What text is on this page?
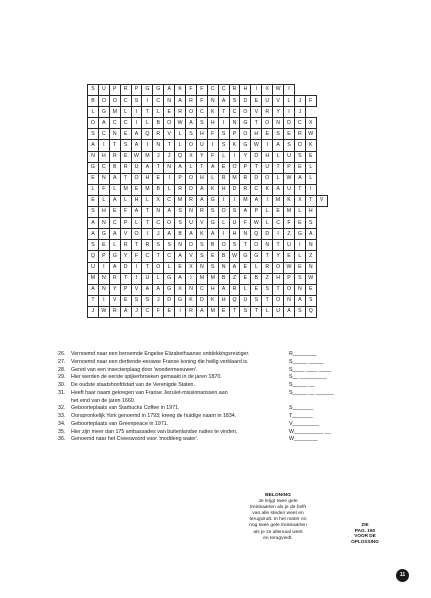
S	U	P	R	P	G	G	A	K	F	F	C	C	R	H	I	X	W	I			
B	O	O	C	S	I	C	N	A	R	F	N	A	S	D	E	U	V	L	J	F	
L	G	M	L	I	T	L	E	R	O	C	K	T	C	O	V	R	Y	I	J		
O	A	C	C	I	L	B	O	W	A	S	H	I	N	G	T	O	N	D	C	X	
S	C	N	E	A	Q	R	V	L	S	H	F	S	P	O	H	E	S	E	R	W	
A	I	T	S	A	I	N	T	L	O	U	I	S	K	G	W	I	A	S	D	K	
N	H	R	E	W	M	J	J	Q	X	Y	F	L	I	Y	D	H	L	U	S	E	
G	C	B	R	U	A	T	N	A	L	T	A	E	O	P	T	U	T	P	E	L	
E	N	A	T	O	H	E	I	P	O	H	L	R	M	R	D	O	L	W	A	L	
L	F	L	M	E	M	B	L	R	D	A	K	H	D	R	C	K	A	U	T	I	
E	L	A	L	H	L	X	C	M	R	A	G	I	I	M	A	I	M	K	X	T	V
S	H	E	F	A	T	N	A	S	N	R	S	O	S	A	P	L	E	M	L	H	
A	N	C	P	L	T	C	O	S	U	V	G	L	U	F	W	L	C	F	E	S	
A	G	A	V	O	I	J	A	B	A	K	A	I	H	N	Q	D	I	Z	G	A	
S	E	L	R	T	R	S	S	N	D	S	B	O	S	T	O	N	T	U	I	N	
Q	P	G	Y	F	C	T	C	A	V	S	E	B	W	G	G	T	Y	E	L	Z	
U	I	A	D	I	T	O	L	E	X	N	S	N	A	E	L	R	O	W	E	N	
M	N	R	T	I	U	L	G	A	I	M	M	B	Z	E	B	Z	H	P	S	W	
A	N	Y	P	V	A	A	G	X	N	C	H	A	R	L	E	S	T	O	N	E	
T	I	V	E	S	S	J	D	G	K	D	K	H	Q	U	S	T	O	N	A	S	
J	W	R	A	J	C	F	E	I	R	A	M	E	T	S	T	L	U	A	S	Q	
26.	Vernoemd naar een beroemde Engelse Elizabethaanse ontdekkingsreiziger.	R________
27.	Vernoemd naar een dertiende-eeuwse Franse koning die heilig verklaard is.	S_____ _____
28.	Gered van een insectenplaag door 'wondermeeuwen'.	S____ ____ ____
29.	Hier werden de eerste spijkerbroeken gemaakt in de jaren 1870.	S__ _________
30.	De oudste staatshoofdstad van de Verenigde Staten.	S_____ __
31.	Heeft haar naam gekregen van Franse Jezuïet-missionarissen aan
het eind van de jaren 1660.
S_____ __ ______
32.	Geboorteplaats van Starbucks Coffee in 1971.	S_______
33.	Oorspronkelijk York genoemd in 1793; kreeg de huidige naam in 1834.	T_______
34.	Geboorteplaats van Greenpeace in 1971.	V_________
35.	Hier zijn meer dan 175 ambassades van buitenlandse naties te vinden.	W__________ __
36.	Genoemd naar het Creeswoord voor 'modderig water'.	W________
BELONING
Je krijgt twee gele
treinkaarten als je de helft
van alle steden weet en
terugvindt. In het raster en
nog twee gele treinkaarten
als je ze allemaal weet
en terugvindt.
ZIE
PAG. 190
VOOR DE
OPLOSSING
11
